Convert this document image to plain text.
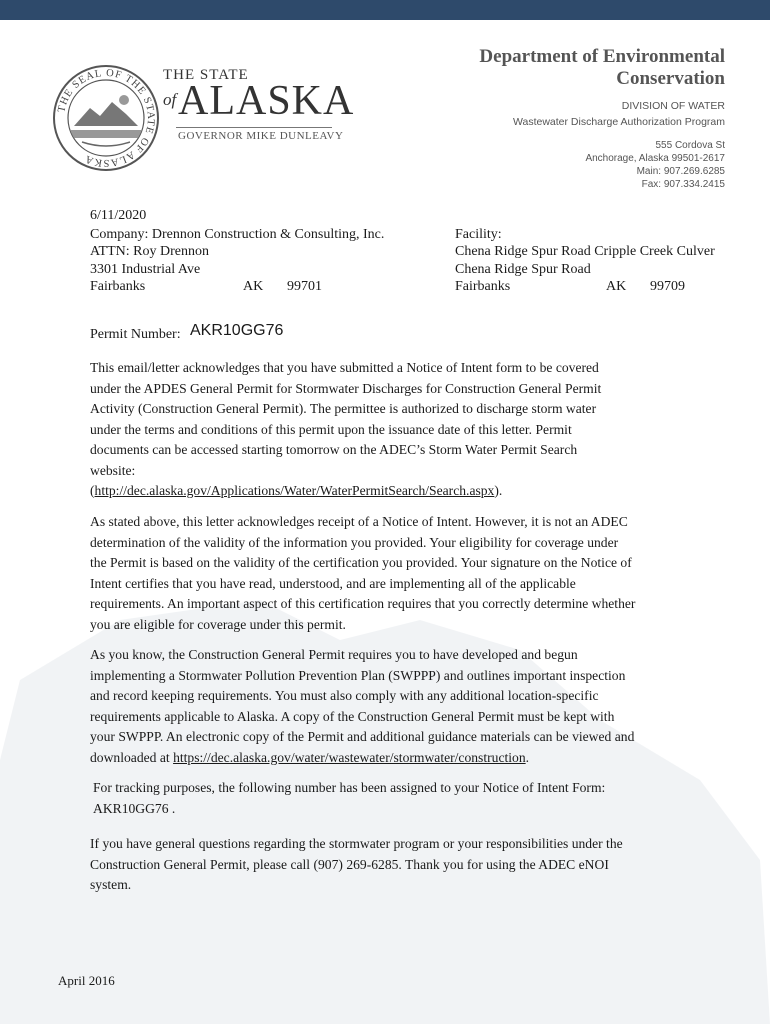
THE SEAL OF THE STATE OF ALASKA
THE STATE
of ALASKA
GOVERNOR MIKE DUNLEAVY
Department of Environmental
Conservation
DIVISION OF WATER
Wastewater Discharge Authorization Program
555 Cordova St
Anchorage, Alaska 99501-2617
Main: 907.269.6285
Fax: 907.334.2415
6/11/2020
Company: Drennon Construction & Consulting, Inc.
ATTN: Roy Drennon
3301 Industrial Ave
Fairbanks	AK 99701
Facility:
Chena Ridge Spur Road Cripple Creek Culver
Chena Ridge Spur Road
Fairbanks	AK 99709
Permit Number: AKR10GG76
This email/letter acknowledges that you have submitted a Notice of Intent form to be covered
under the APDES General Permit for Stormwater Discharges for Construction General Permit
Activity (Construction General Permit). The permittee is authorized to discharge storm water
under the terms and conditions of this permit upon the issuance date of this letter. Permit
documents can be accessed starting tomorrow on the ADEC’s Storm Water Permit Search
website:
(http://dec.alaska.gov/Applications/Water/WaterPermitSearch/Search.aspx).
As stated above, this letter acknowledges receipt of a Notice of Intent. However, it is not an ADEC
determination of the validity of the information you provided. Your eligibility for coverage under
the Permit is based on the validity of the certification you provided. Your signature on the Notice of
Intent certifies that you have read, understood, and are implementing all of the applicable
requirements. An important aspect of this certification requires that you correctly determine whether
you are eligible for coverage under this permit.
As you know, the Construction General Permit requires you to have developed and begun
implementing a Stormwater Pollution Prevention Plan (SWPPP) and outlines important inspection
and record keeping requirements. You must also comply with any additional location-specific
requirements applicable to Alaska. A copy of the Construction General Permit must be kept with
your SWPPP. An electronic copy of the Permit and additional guidance materials can be viewed and
downloaded at https://dec.alaska.gov/water/wastewater/stormwater/construction.
For tracking purposes, the following number has been assigned to your Notice of Intent Form:
AKR10GG76 .
If you have general questions regarding the stormwater program or your responsibilities under the
Construction General Permit, please call (907) 269-6285. Thank you for using the ADEC eNOI
system.
April 2016
